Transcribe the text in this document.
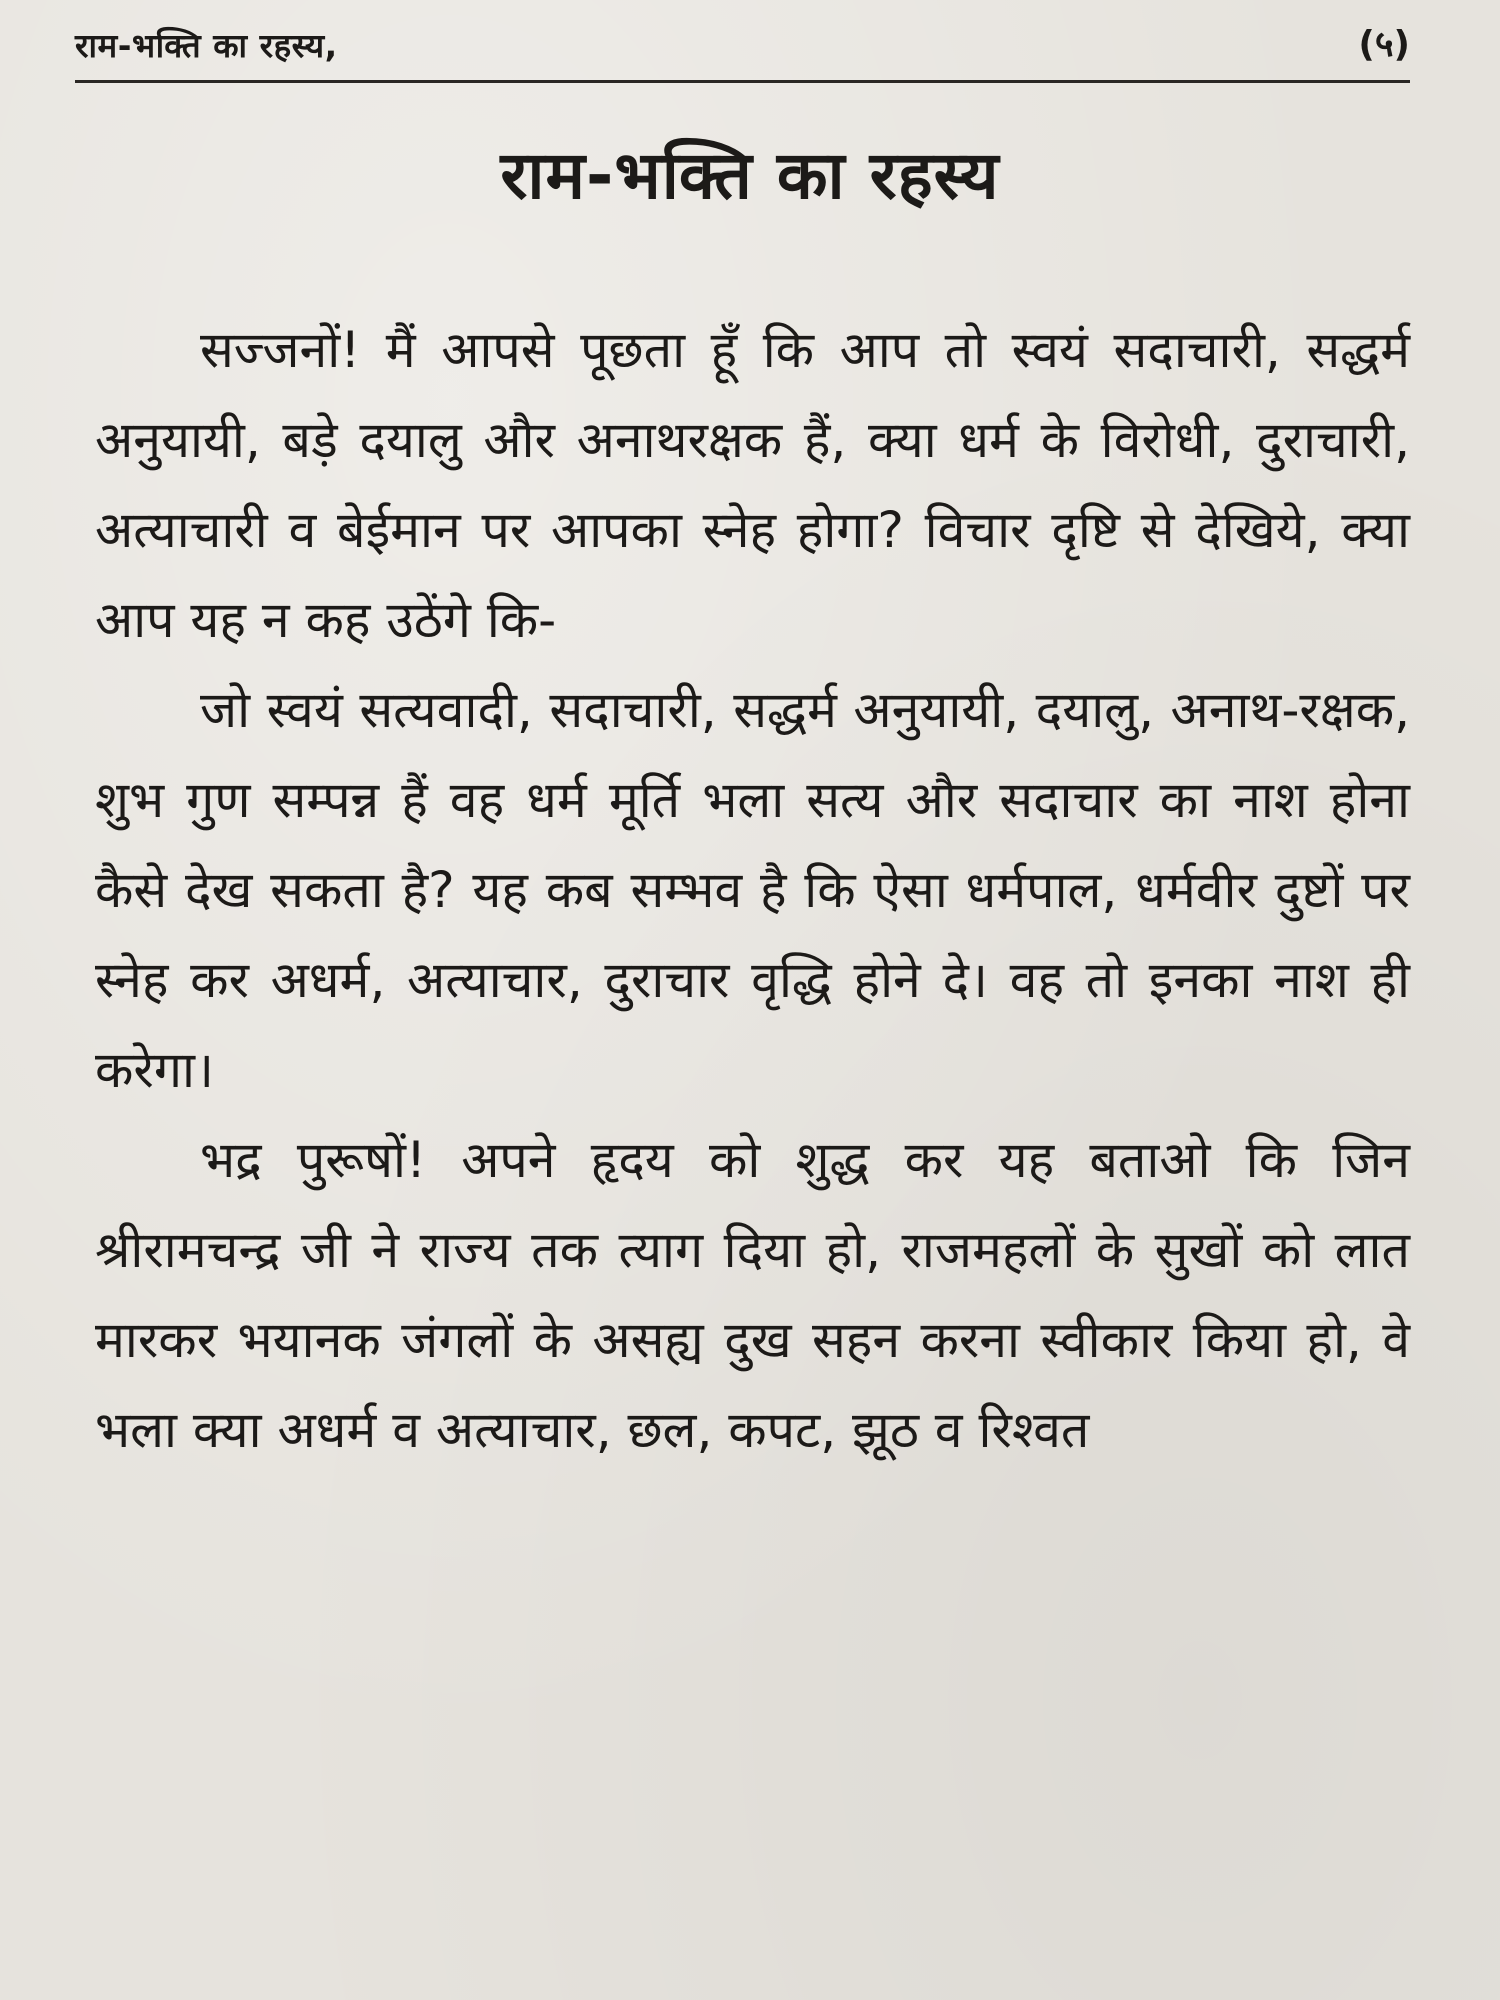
राम-भक्ति का रहस्य,	(५)
राम-भक्ति का रहस्य

सज्जनों! मैं आपसे पूछता हूँ कि आप तो स्वयं सदाचारी, सद्धर्म अनुयायी, बड़े दयालु और अनाथरक्षक हैं, क्या धर्म के विरोधी, दुराचारी, अत्याचारी व बेईमान पर आपका स्नेह होगा? विचार दृष्टि से देखिये, क्या आप यह न कह उठेंगे कि-

जो स्वयं सत्यवादी, सदाचारी, सद्धर्म अनुयायी, दयालु, अनाथ-रक्षक, शुभ गुण सम्पन्न हैं वह धर्म मूर्ति भला सत्य और सदाचार का नाश होना कैसे देख सकता है? यह कब सम्भव है कि ऐसा धर्मपाल, धर्मवीर दुष्टों पर स्नेह कर अधर्म, अत्याचार, दुराचार वृद्धि होने दे। वह तो इनका नाश ही करेगा।

भद्र पुरूषों! अपने हृदय को शुद्ध कर यह बताओ कि जिन श्रीरामचन्द्र जी ने राज्य तक त्याग दिया हो, राजमहलों के सुखों को लात मारकर भयानक जंगलों के असह्य दुख सहन करना स्वीकार किया हो, वे भला क्या अधर्म व अत्याचार, छल, कपट, झूठ व रिश्वत
